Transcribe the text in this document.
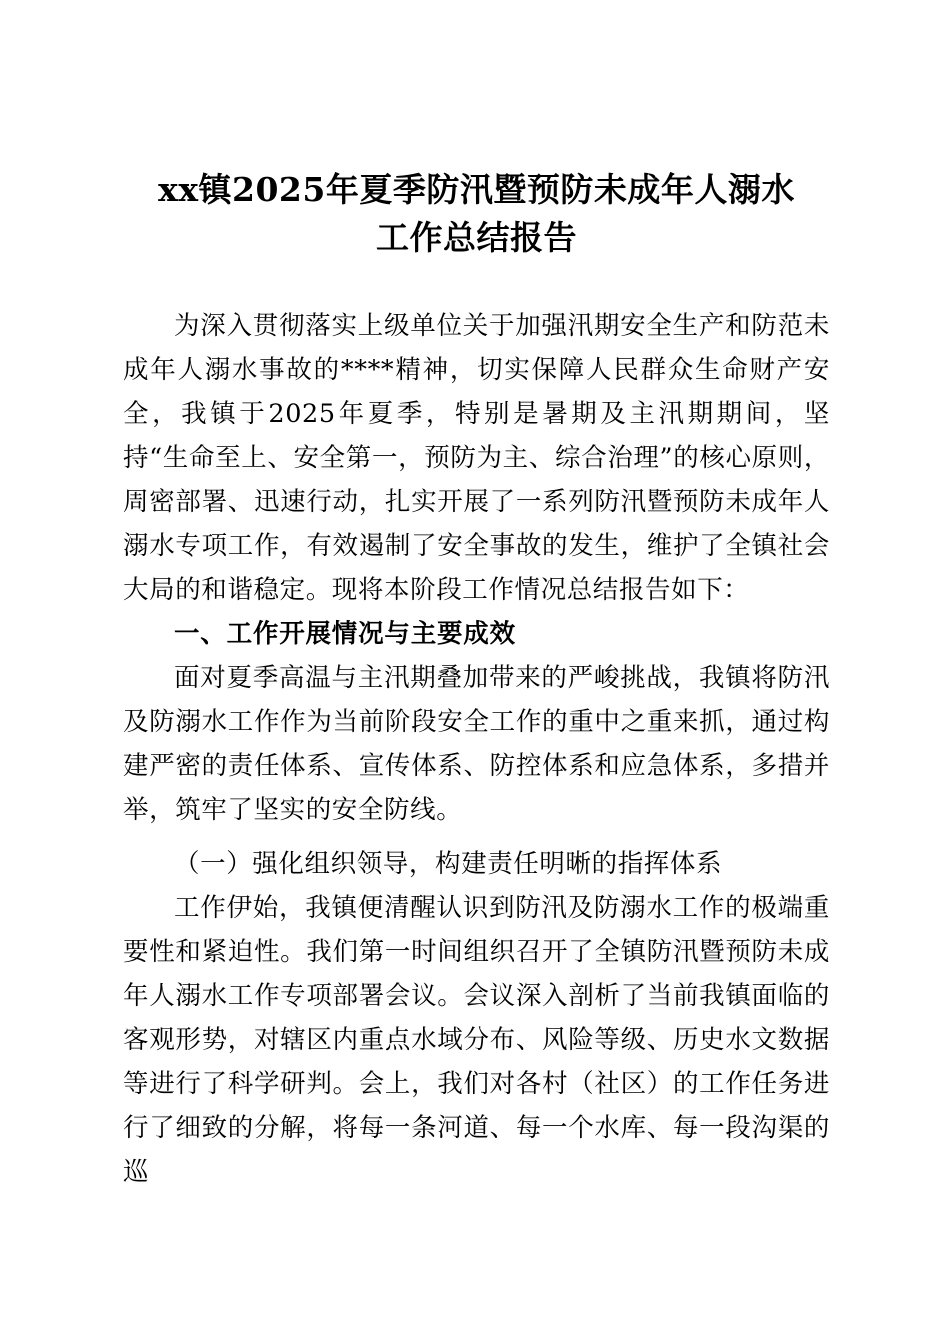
xx镇2025年夏季防汛暨预防未成年人溺水
工作总结报告

为深入贯彻落实上级单位关于加强汛期安全生产和防范未成年人溺水事故的****精神，切实保障人民群众生命财产安全，我镇于2025年夏季，特别是暑期及主汛期期间，坚持“生命至上、安全第一，预防为主、综合治理”的核心原则，周密部署、迅速行动，扎实开展了一系列防汛暨预防未成年人溺水专项工作，有效遏制了安全事故的发生，维护了全镇社会大局的和谐稳定。现将本阶段工作情况总结报告如下：

一、工作开展情况与主要成效

面对夏季高温与主汛期叠加带来的严峻挑战，我镇将防汛及防溺水工作作为当前阶段安全工作的重中之重来抓，通过构建严密的责任体系、宣传体系、防控体系和应急体系，多措并举，筑牢了坚实的安全防线。

（一）强化组织领导，构建责任明晰的指挥体系

工作伊始，我镇便清醒认识到防汛及防溺水工作的极端重要性和紧迫性。我们第一时间组织召开了全镇防汛暨预防未成年人溺水工作专项部署会议。会议深入剖析了当前我镇面临的客观形势，对辖区内重点水域分布、风险等级、历史水文数据等进行了科学研判。会上，我们对各村（社区）的工作任务进行了细致的分解，将每一条河道、每一个水库、每一段沟渠的巡
